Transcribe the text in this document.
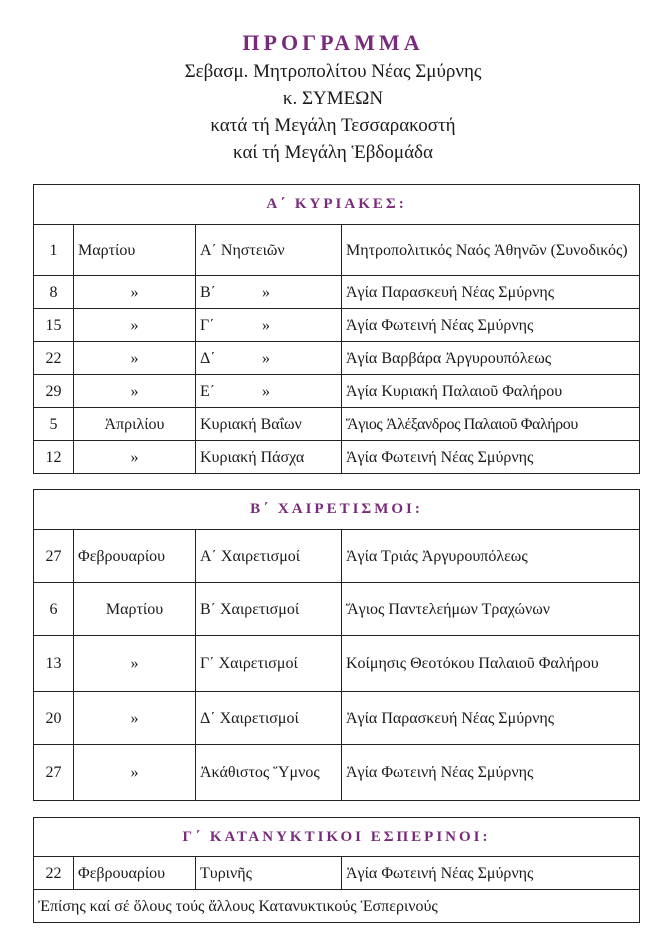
ΠΡΟΓΡΑΜΜΑ
Σεβασμ. Μητροπολίτου Νέας Σμύρνης
κ. ΣΥΜΕΩΝ
κατά τή Μεγάλη Τεσσαρακοστή
καί τή Μεγάλη Ἑβδομάδα
Α΄ ΚΥΡΙΑΚΕΣ:			
1	Μαρτίου	Α΄ Νηστειῶν	Μητροπολιτικός Ναός Ἀθηνῶν (Συνοδικός)
8	»	Β΄ »	Ἁγία Παρασκευή Νέας Σμύρνης
15	»	Γ΄ »	Ἁγία Φωτεινή Νέας Σμύρνης
22	»	Δ΄ »	Ἁγία Βαρβάρα Ἀργυρουπόλεως
29	»	Ε΄ »	Ἁγία Κυριακή Παλαιοῦ Φαλήρου
5	Ἀπριλίου	Κυριακή Βαΐων	Ἅγιος Ἀλέξανδρος Παλαιοῦ Φαλήρου
12	»	Κυριακή Πάσχα	Ἁγία Φωτεινή Νέας Σμύρνης
Β΄ ΧΑΙΡΕΤΙΣΜΟΙ:			
27	Φεβρουαρίου	Α΄ Χαιρετισμοί	Ἁγία Τριάς Ἀργυρουπόλεως
6	Μαρτίου	Β΄ Χαιρετισμοί	Ἅγιος Παντελεήμων Τραχώνων
13	»	Γ΄ Χαιρετισμοί	Κοίμησις Θεοτόκου Παλαιοῦ Φαλήρου
20	»	Δ΄ Χαιρετισμοί	Ἁγία Παρασκευή Νέας Σμύρνης
27	»	Ἀκάθιστος Ὕμνος	Ἁγία Φωτεινή Νέας Σμύρνης
Γ΄ ΚΑΤΑΝΥΚΤΙΚΟΙ ΕΣΠΕΡΙΝΟΙ:
22	Φεβρουαρίου	Τυρινῆς	Ἁγία Φωτεινή Νέας Σμύρνης
Ἐπίσης καί σέ ὅλους τούς ἄλλους Κατανυκτικούς Ἑσπερινούς
